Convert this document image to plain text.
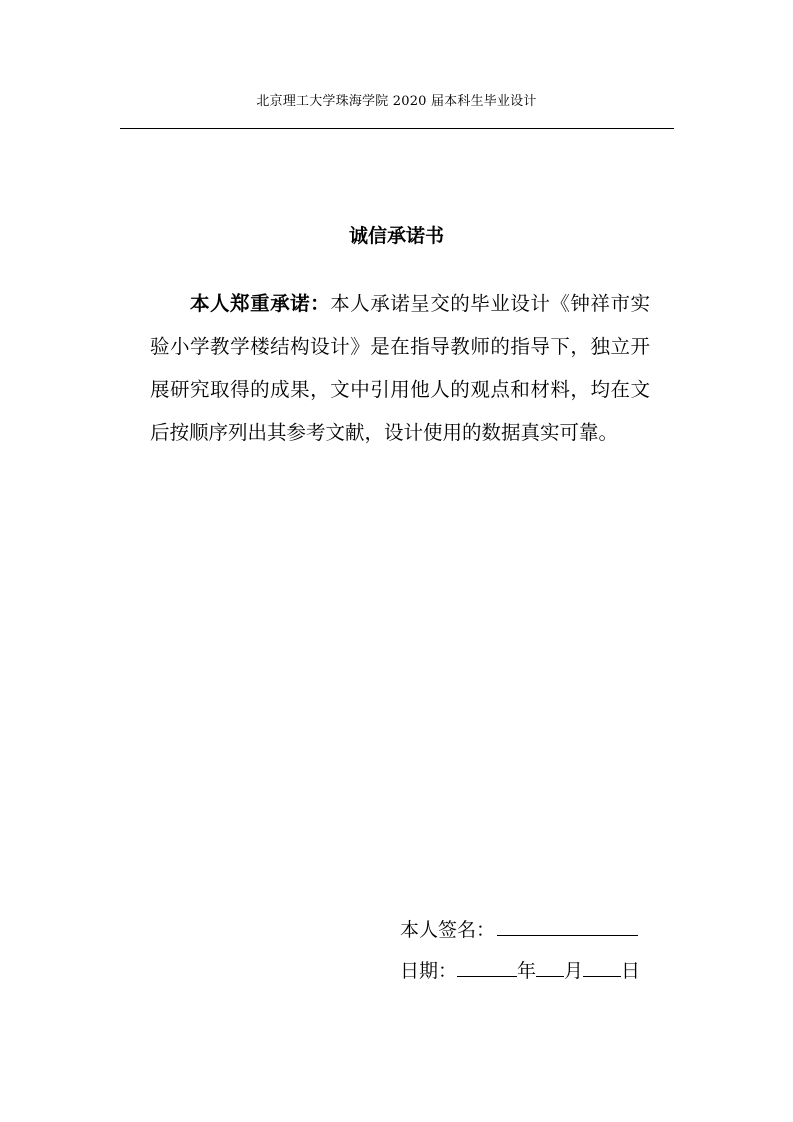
北京理工大学珠海学院 2020 届本科生毕业设计
诚信承诺书
本人郑重承诺：本人承诺呈交的毕业设计《钟祥市实验小学教学楼结构设计》是在指导教师的指导下，独立开展研究取得的成果，文中引用他人的观点和材料，均在文后按顺序列出其参考文献，设计使用的数据真实可靠。
本人签名：
日期：	年 月 日
